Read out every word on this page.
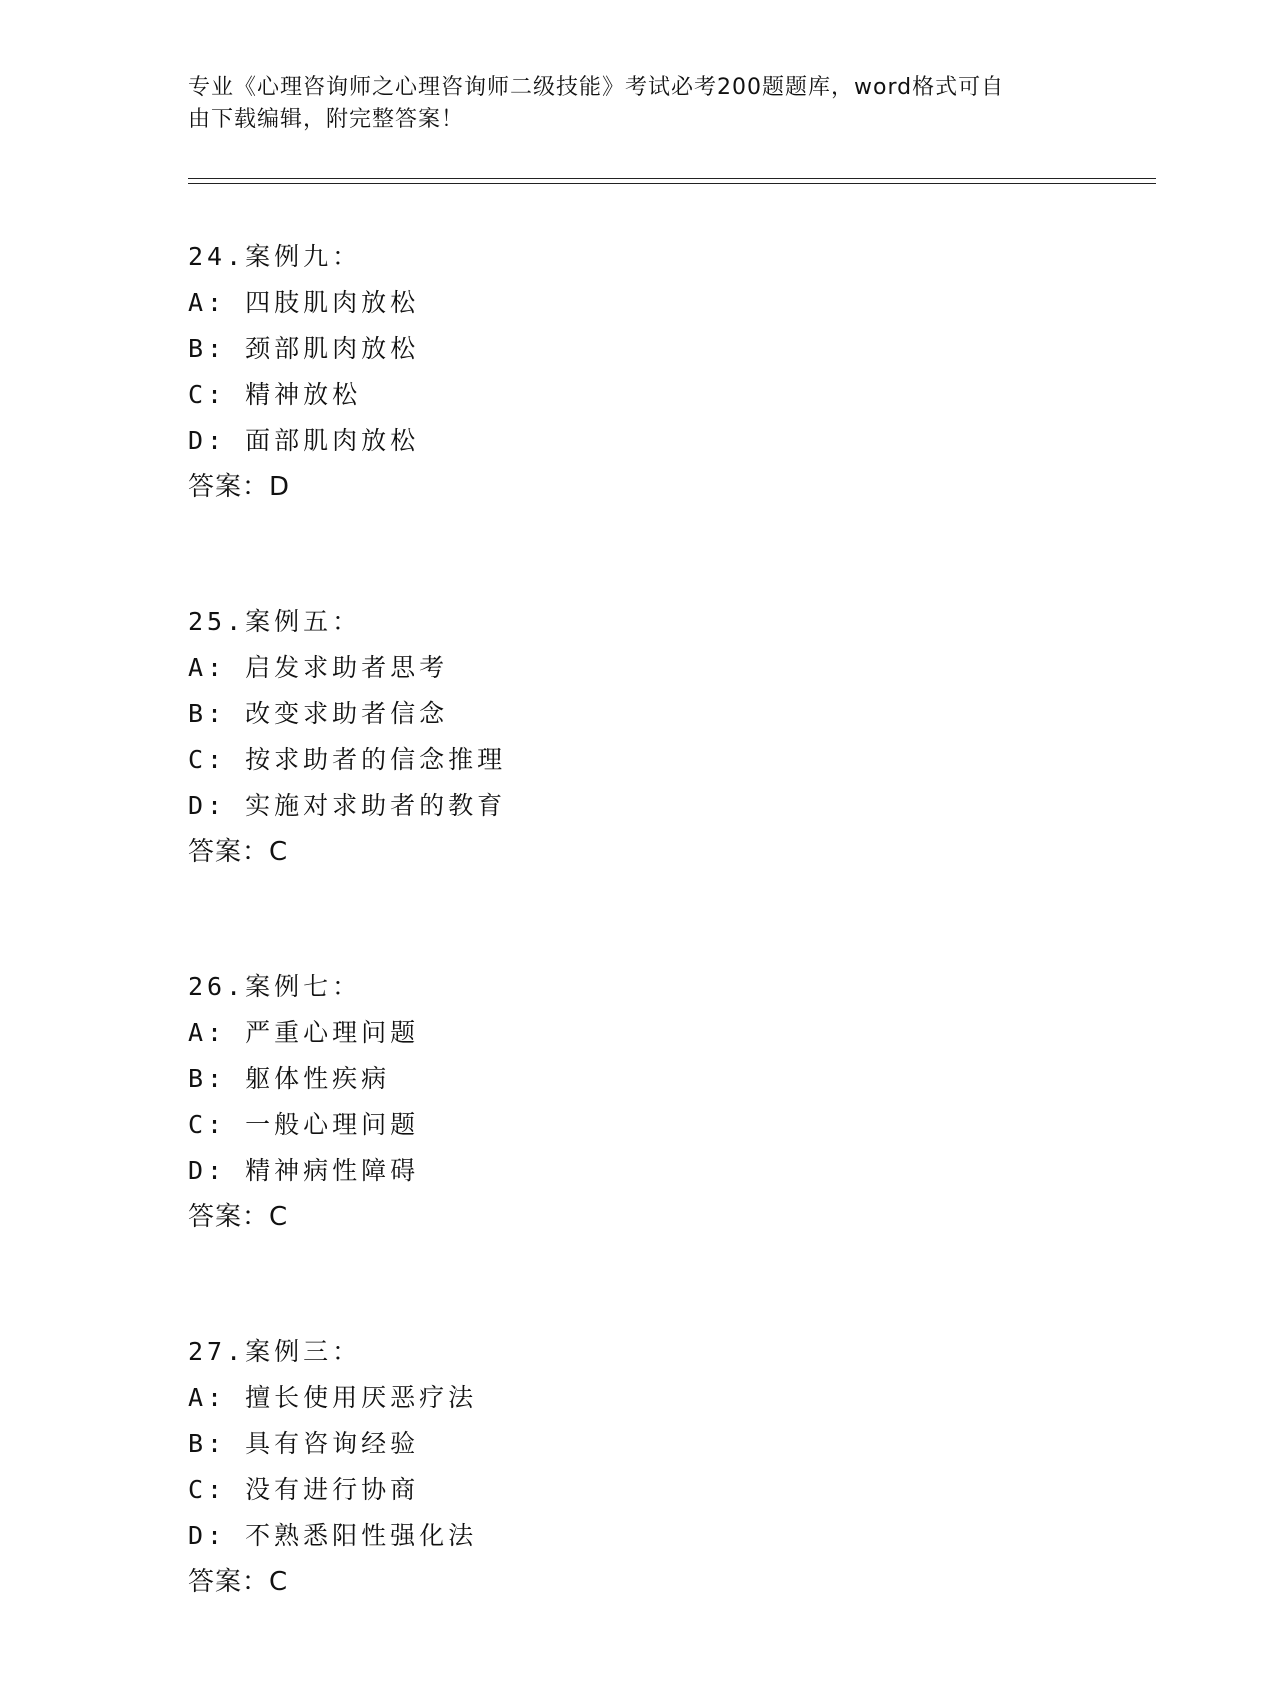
专业《心理咨询师之心理咨询师二级技能》考试必考200题题库，word格式可自
由下载编辑，附完整答案！
24.案例九：
A: 四肢肌肉放松
B: 颈部肌肉放松
C: 精神放松
D: 面部肌肉放松
答案：D
25.案例五：
A: 启发求助者思考
B: 改变求助者信念
C: 按求助者的信念推理
D: 实施对求助者的教育
答案：C
26.案例七：
A: 严重心理问题
B: 躯体性疾病
C: 一般心理问题
D: 精神病性障碍
答案：C
27.案例三：
A: 擅长使用厌恶疗法
B: 具有咨询经验
C: 没有进行协商
D: 不熟悉阳性强化法
答案：C
